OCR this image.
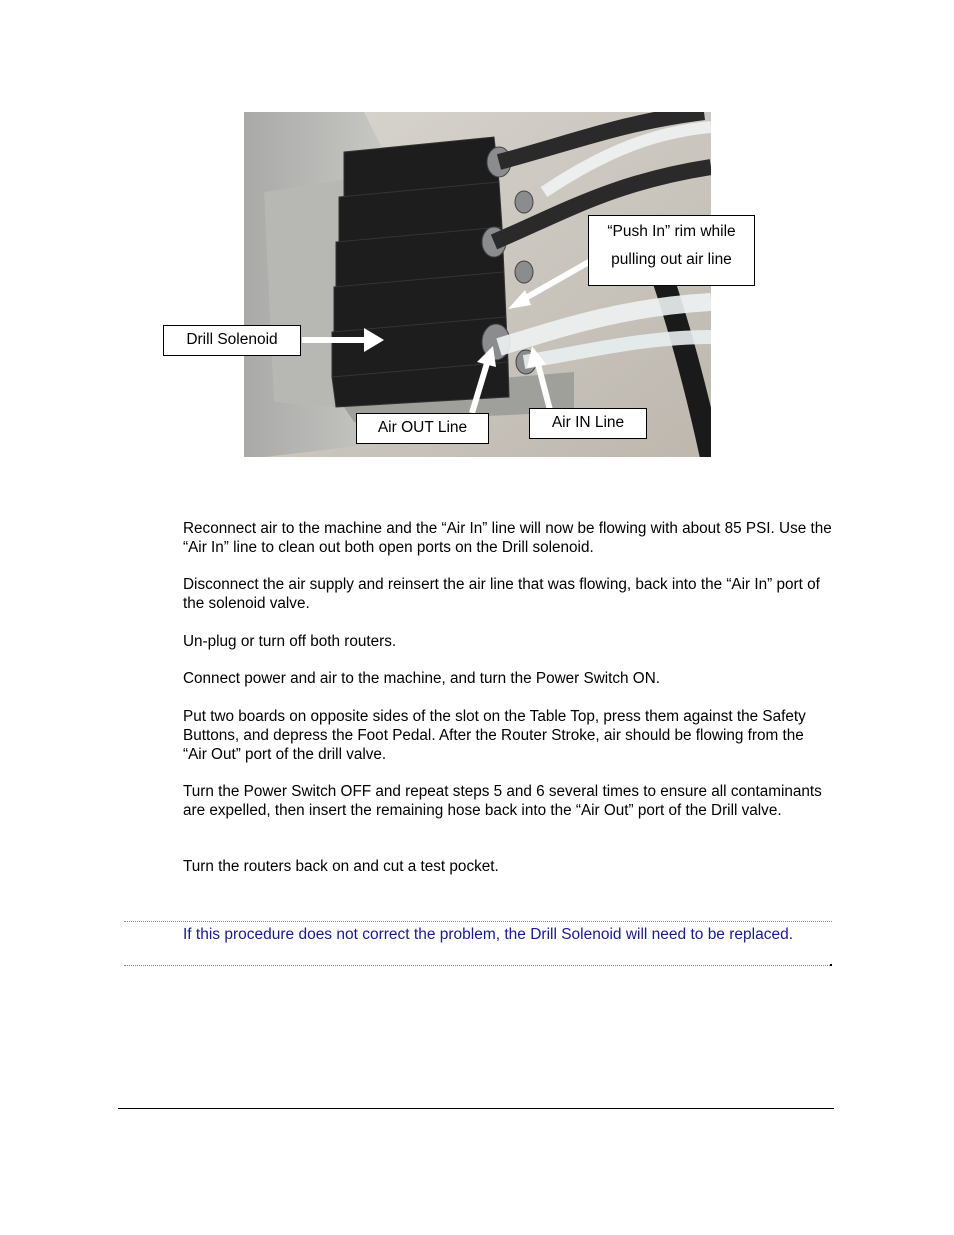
“Push In” rim while
pulling out air line
Drill Solenoid
Air OUT Line	Air IN Line

Reconnect air to the machine and the “Air In” line will now be flowing with about 85 PSI. Use the “Air In” line to clean out both open ports on the Drill solenoid.

Disconnect the air supply and reinsert the air line that was flowing, back into the “Air In” port of the solenoid valve.

Un-plug or turn off both routers.

Connect power and air to the machine, and turn the Power Switch ON.

Put two boards on opposite sides of the slot on the Table Top, press them against the Safety Buttons, and depress the Foot Pedal. After the Router Stroke, air should be flowing from the “Air Out” port of the drill valve.

Turn the Power Switch OFF and repeat steps 5 and 6 several times to ensure all contaminants are expelled, then insert the remaining hose back into the “Air Out” port of the Drill valve.

Turn the routers back on and cut a test pocket.

If this procedure does not correct the problem, the Drill Solenoid will need to be replaced.
